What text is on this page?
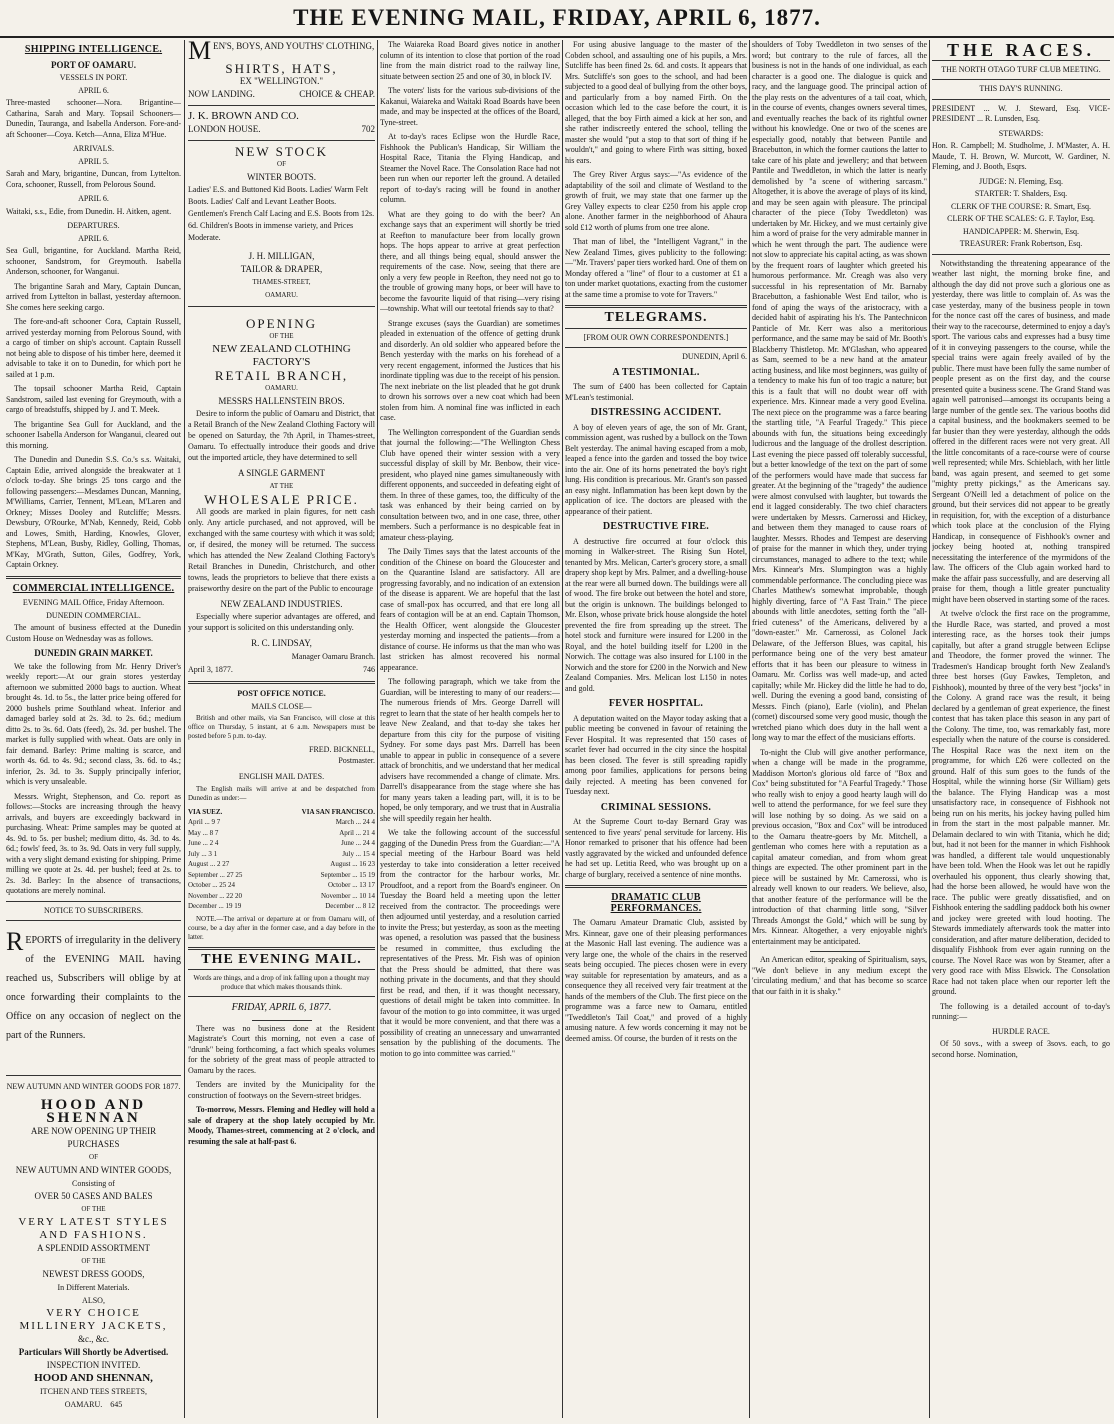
THE EVENING MAIL, FRIDAY, APRIL 6, 1877.
SHIPPING INTELLIGENCE.
PORT OF OAMARU.
VESSELS IN PORT.
APRIL 6.

Three-masted schooner—Nora. Brigantine—Catharina, Sarah and Mary. Topsail Schooners—Dunedin, Tauranga, and Isabella Anderson. Fore-and-aft Schooner—Coya. Ketch—Anna, Eliza M'Hue.

ARRIVALS.
APRIL 5.

Sarah and Mary, brigantine, Duncan, from Lyttelton. Cora, schooner, Russell, from Pelorous Sound.

APRIL 6.

Waitaki, s.s., Edie, from Dunedin. H. Aitken, agent.

DEPARTURES.
APRIL 6.

Sea Gull, brigantine, for Auckland. Martha Reid, schooner, Sandstrom, for Greymouth. Isabella Anderson, schooner, for Wanganui.

The brigantine Sarah and Mary, Captain Duncan, arrived from Lyttelton in ballast, yesterday afternoon. She comes here seeking cargo.

The fore-and-aft schooner Cora, Captain Russell, arrived yesterday morning from Pelorous Sound, with a cargo of timber on ship's account. Captain Russell not being able to dispose of his timber here, deemed it advisable to take it on to Dunedin, for which port he sailed at 1 p.m.

The topsail schooner Martha Reid, Captain Sandstrom, sailed last evening for Greymouth, with a cargo of breadstuffs, shipped by J. and T. Meek.

The brigantine Sea Gull for Auckland, and the schooner Isabella Anderson for Wanganui, cleared out this morning.

The Dunedin and Dunedin S.S. Co.'s s.s. Waitaki, Captain Edie, arrived alongside the breakwater at 1 o'clock to-day. She brings 25 tons cargo and the following passengers:—Mesdames Duncan, Manning, M'Williams, Carrier, Tennent, M'Lean, M'Laren and Orkney; Misses Dooley and Rutcliffe; Messrs. Dewsbury, O'Rourke, M'Nab, Kennedy, Reid, Cobb and Lowes, Smith, Harding, Knowles, Glover, Stephens, M'Lean, Busby, Ridley, Golling, Thomas, M'Kay, M'Grath, Sutton, Giles, Godfrey, York, Captain Orkney.

COMMERCIAL INTELLIGENCE.
EVENING MAIL Office, Friday Afternoon.
DUNEDIN COMMERCIAL.

The amount of business effected at the Dunedin Custom House on Wednesday was as follows.

DUNEDIN GRAIN MARKET.

We take the following from Mr. Henry Driver's weekly report:—At our grain stores yesterday afternoon we submitted 2000 bags to auction. Wheat brought 4s. 1d. to 5s., the latter price being offered for 2000 bushels prime Southland wheat. Inferior and damaged barley sold at 2s. 3d. to 2s. 6d.; medium ditto 2s. to 3s. 6d. Oats (feed), 2s. 3d. per bushel. The market is fully supplied with wheat. Oats are only in fair demand. Barley: Prime malting is scarce, and worth 4s. 6d. to 4s. 9d.; second class, 3s. 6d. to 4s.; inferior, 2s. 3d. to 3s. Supply principally inferior, which is very unsaleable.

Messrs. Wright, Stephenson, and Co. report as follows:—Stocks are increasing through the heavy arrivals, and buyers are exceedingly backward in purchasing. Wheat: Prime samples may be quoted at 4s. 9d. to 5s. per bushel; medium ditto, 4s. 3d. to 4s. 6d.; fowls' feed, 3s. to 3s. 9d. Oats in very full supply, with a very slight demand existing for shipping. Prime milling we quote at 2s. 4d. per bushel; feed at 2s. to 2s. 3d. Barley: In the absence of transactions, quotations are merely nominal.

NOTICE TO SUBSCRIBERS.

REPORTS of irregularity in the delivery of the EVENING MAIL having reached us, Subscribers will oblige by at once forwarding their complaints to the Office on any occasion of neglect on the part of the Runners.

NEW AUTUMN AND WINTER GOODS FOR 1877.
HOOD AND SHENNAN
ARE NOW OPENING UP THEIR PURCHASES
OF
NEW AUTUMN AND WINTER GOODS,
Consisting of
OVER 50 CASES AND BALES
OF THE
VERY LATEST STYLES AND FASHIONS.
A SPLENDID ASSORTMENT
OF THE
NEWEST DRESS GOODS,
In Different Materials.
ALSO,
VERY CHOICE MILLINERY JACKETS,
&c., &c.
Particulars Will Shortly be Advertised.
INSPECTION INVITED.
HOOD AND SHENNAN,
ITCHEN AND TEES STREETS,
OAMARU. 645
MEN'S, BOYS, AND YOUTHS' CLOTHING,
SHIRTS, HATS,
EX "WELLINGTON."
NOW LANDING.	CHOICE & CHEAP.
J. K. BROWN AND CO.
LONDON HOUSE.	702
NEW STOCK
OF
WINTER BOOTS.

Ladies' E.S. and Buttoned Kid Boots. Ladies' Warm Felt Boots. Ladies' Calf and Levant Leather Boots. Gentlemen's French Calf Lacing and E.S. Boots from 12s. 6d. Children's Boots in immense variety, and Prices Moderate.

J. H. MILLIGAN,
TAILOR & DRAPER,
THAMES-STREET,
OAMARU.
OPENING
OF THE
NEW ZEALAND CLOTHING FACTORY'S
RETAIL BRANCH,
OAMARU.
MESSRS HALLENSTEIN BROS.

Desire to inform the public of Oamaru and District, that a Retail Branch of the New Zealand Clothing Factory will be opened on Saturday, the 7th April, in Thames-street, Oamaru. To effectually introduce their goods and drive out the imported article, they have determined to sell

A SINGLE GARMENT
AT THE
WHOLESALE PRICE.

All goods are marked in plain figures, for nett cash only. Any article purchased, and not approved, will be exchanged with the same courtesy with which it was sold; or, if desired, the money will be returned. The success which has attended the New Zealand Clothing Factory's Retail Branches in Dunedin, Christchurch, and other towns, leads the proprietors to believe that there exists a praiseworthy desire on the part of the Public to encourage

NEW ZEALAND INDUSTRIES.

Especially where superior advantages are offered, and your support is solicited on this understanding only.

R. C. LINDSAY,
Manager Oamaru Branch.
April 3, 1877.	746
POST OFFICE NOTICE.
MAILS CLOSE—

British and other mails, via San Francisco, will close at this office on Thursday, 5 instant, at 6 a.m. Newspapers must be posted before 5 p.m. to-day.

FRED. BICKNELL,
Postmaster.
ENGLISH MAIL DATES.

The English mails will arrive at and be despatched from Dunedin as under:—

VIA SUEZ.	VIA SAN FRANCISCO.
April ... 9 7	March ... 24 4
May ... 8 7	April ... 21 4
June ... 2 4	June ... 24 4
July ... 3 1	July ... 15 4
August ... 2 27	August ... 16 23
September ... 27 25	September ... 15 19
October ... 25 24	October ... 13 17
November ... 22 20	November ... 10 14
December ... 19 19	December ... 8 12

NOTE.—The arrival or departure at or from Oamaru will, of course, be a day after in the former case, and a day before in the latter.

THE EVENING MAIL.

Words are things, and a drop of ink falling upon a thought may produce that which makes thousands think.

FRIDAY, APRIL 6, 1877.

There was no business done at the Resident Magistrate's Court this morning, not even a case of "drunk" being forthcoming, a fact which speaks volumes for the sobriety of the great mass of people attracted to Oamaru by the races.

Tenders are invited by the Municipality for the construction of footways on the Severn-street bridges.

To-morrow, Messrs. Fleming and Hedley will hold a sale of drapery at the shop lately occupied by Mr. Moody, Thames-street, commencing at 2 o'clock, and resuming the sale at half-past 6.

The Waiareka Road Board gives notice in another column of its intention to close that portion of the road line from the main district road to the railway line, situate between section 25 and one of 30, in block IV.

The voters' lists for the various sub-divisions of the Kakanui, Waiareka and Waitaki Road Boards have been made, and may be inspected at the offices of the Board, Tyne-street.

At to-day's races Eclipse won the Hurdle Race, Fishhook the Publican's Handicap, Sir William the Hospital Race, Titania the Flying Handicap, and Steamer the Novel Race. The Consolation Race had not been run when our reporter left the ground. A detailed report of to-day's racing will be found in another column.

What are they going to do with the beer? An exchange says that an experiment will shortly be tried at Reefton to manufacture beer from locally grown hops. The hops appear to arrive at great perfection there, and all things being equal, should answer the requirements of the case. Now, seeing that there are only a very few people in Reefton, they need not go to the trouble of growing many hops, or beer will have to become the favourite liquid of that rising—very rising—township. What will our teetotal friends say to that?

Strange excuses (says the Guardian) are sometimes pleaded in extenuation of the offence of getting drunk and disorderly. An old soldier who appeared before the Bench yesterday with the marks on his forehead of a very recent engagement, informed the Justices that his inordinate tippling was due to the receipt of his pension. The next inebriate on the list pleaded that he got drunk to drown his sorrows over a new coat which had been stolen from him. A nominal fine was inflicted in each case.

The Wellington correspondent of the Guardian sends that journal the following:—"The Wellington Chess Club have opened their winter session with a very successful display of skill by Mr. Benbow, their vice-president, who played nine games simultaneously with different opponents, and succeeded in defeating eight of them. In three of these games, too, the difficulty of the task was enhanced by their being carried on by consultation between two, and in one case, three, other members. Such a performance is no despicable feat in amateur chess-playing.

The Daily Times says that the latest accounts of the condition of the Chinese on board the Gloucester and on the Quarantine Island are satisfactory. All are progressing favorably, and no indication of an extension of the disease is apparent. We are hopeful that the last case of small-pox has occurred, and that ere long all fears of contagion will be at an end. Captain Thomson, the Health Officer, went alongside the Gloucester yesterday morning and inspected the patients—from a distance of course. He informs us that the man who was last stricken has almost recovered his normal appearance.

The following paragraph, which we take from the Guardian, will be interesting to many of our readers:—The numerous friends of Mrs. George Darrell will regret to learn that the state of her health compels her to leave New Zealand, and that to-day she takes her departure from this city for the purpose of visiting Sydney. For some days past Mrs. Darrell has been unable to appear in public in consequence of a severe attack of bronchitis, and we understand that her medical advisers have recommended a change of climate. Mrs. Darrell's disappearance from the stage where she has for many years taken a leading part, will, it is to be hoped, be only temporary, and we trust that in Australia she will speedily regain her health.

We take the following account of the successful gagging of the Dunedin Press from the Guardian:—"A special meeting of the Harbour Board was held yesterday to take into consideration a letter received from the contractor for the harbour works, Mr. Proudfoot, and a report from the Board's engineer. On Tuesday the Board held a meeting upon the letter received from the contractor. The proceedings were then adjourned until yesterday, and a resolution carried to invite the Press; but yesterday, as soon as the meeting was opened, a resolution was passed that the business be resumed in committee, thus excluding the representatives of the Press. Mr. Fish was of opinion that the Press should be admitted, that there was nothing private in the documents, and that they should first be read, and then, if it was thought necessary, questions of detail might be taken into committee. In favour of the motion to go into committee, it was urged that it would be more convenient, and that there was a possibility of creating an unnecessary and unwarranted sensation by the publishing of the documents. The motion to go into committee was carried."

For using abusive language to the master of the Cobden school, and assaulting one of his pupils, a Mrs. Sutcliffe has been fined 2s. 6d. and costs. It appears that Mrs. Sutcliffe's son goes to the school, and had been subjected to a good deal of bullying from the other boys, and particularly from a boy named Firth. On the occasion which led to the case before the court, it is alleged, that the boy Firth aimed a kick at her son, and she rather indiscreetly entered the school, telling the master she would "put a stop to that sort of thing if he wouldn't," and going to where Firth was sitting, boxed his ears.

The Grey River Argus says:—"As evidence of the adaptability of the soil and climate of Westland to the growth of fruit, we may state that one farmer up the Grey Valley expects to clear £250 from his apple crop alone. Another farmer in the neighborhood of Ahaura sold £12 worth of plums from one tree alone.

That man of libel, the "Intelligent Vagrant," in the New Zealand Times, gives publicity to the following:—"Mr. Travers' paper tiers worked hard. One of them on Monday offered a "line" of flour to a customer at £1 a ton under market quotations, exacting from the customer at the same time a promise to vote for Travers."

TELEGRAMS.
[FROM OUR OWN CORRESPONDENTS.]
DUNEDIN, April 6.
A TESTIMONIAL.

The sum of £400 has been collected for Captain M'Lean's testimonial.

DISTRESSING ACCIDENT.

A boy of eleven years of age, the son of Mr. Grant, commission agent, was rushed by a bullock on the Town Belt yesterday. The animal having escaped from a mob, leaped a fence into the garden and tossed the boy twice into the air. One of its horns penetrated the boy's right lung. His condition is precarious. Mr. Grant's son passed an easy night. Inflammation has been kept down by the application of ice. The doctors are pleased with the appearance of their patient.

DESTRUCTIVE FIRE.

A destructive fire occurred at four o'clock this morning in Walker-street. The Rising Sun Hotel, tenanted by Mrs. Melican, Carter's grocery store, a small drapery shop kept by Mrs. Palmer, and a dwelling-house at the rear were all burned down. The buildings were all of wood. The fire broke out between the hotel and store, but the origin is unknown. The buildings belonged to Mr. Elson, whose private brick house alongside the hotel prevented the fire from spreading up the street. The hotel stock and furniture were insured for L200 in the Royal, and the hotel building itself for L200 in the Norwich. The cottage was also insured for L100 in the Norwich and the store for £200 in the Norwich and New Zealand Companies. Mrs. Melican lost L150 in notes and gold.

FEVER HOSPITAL.

A deputation waited on the Mayor today asking that a public meeting be convened in favour of retaining the Fever Hospital. It was represented that 150 cases of scarlet fever had occurred in the city since the hospital has been closed. The fever is still spreading rapidly among poor families, applications for persons being daily rejected. A meeting has been convened for Tuesday next.

CRIMINAL SESSIONS.

At the Supreme Court to-day Bernard Gray was sentenced to five years' penal servitude for larceny. His Honor remarked to prisoner that his offence had been vastly aggravated by the wicked and unfounded defence he had set up. Letitia Reed, who was brought up on a charge of burglary, received a sentence of nine months.

DRAMATIC CLUB PERFORMANCES.

The Oamaru Amateur Dramatic Club, assisted by Mrs. Kinnear, gave one of their pleasing performances at the Masonic Hall last evening. The audience was a very large one, the whole of the chairs in the reserved seats being occupied. The pieces chosen were in every way suitable for representation by amateurs, and as a consequence they all received very fair treatment at the hands of the members of the Club. The first piece on the programme was a farce new to Oamaru, entitled "Tweddleton's Tail Coat," and proved of a highly amusing nature. A few words concerning it may not be deemed amiss. Of course, the burden of it rests on the

shoulders of Toby Tweddleton in two senses of the word; but contrary to the rule of farces, all the business is not in the hands of one individual, as each character is a good one. The dialogue is quick and racy, and the language good. The principal action of the play rests on the adventures of a tail coat, which, in the course of events, changes owners several times, and eventually reaches the back of its rightful owner without his knowledge. One or two of the scenes are especially good, notably that between Pantile and Bracebutton, in which the former cautions the latter to take care of his plate and jewellery; and that between Pantile and Tweddleton, in which the latter is nearly demolished by "a scene of withering sarcasm." Altogether, it is above the average of plays of its kind, and may be seen again with pleasure. The principal character of the piece (Toby Tweddleton) was undertaken by Mr. Hickey, and we must certainly give him a word of praise for the very admirable manner in which he went through the part. The audience were not slow to appreciate his capital acting, as was shown by the frequent roars of laughter which greeted his humorous performance. Mr. Creagh was also very successful in his representation of Mr. Barnaby Bracebutton, a fashionable West End tailor, who is fond of aping the ways of the aristocracy, with a decided habit of aspirating his h's. The Pantechnicon Panticle of Mr. Kerr was also a meritorious performance, and the same may be said of Mr. Booth's Blackberry Thistletop. Mr. M'Glashan, who appeared as Sam, seemed to be a new hand at the amateur acting business, and like most beginners, was guilty of a tendency to make his fun of too tragic a nature; but this is a fault that will no doubt wear off with experience. Mrs. Kinnear made a very good Evelina. The next piece on the programme was a farce bearing the startling title, "A Fearful Tragedy." This piece abounds with fun, the situations being exceedingly ludicrous and the language of the drollest description. Last evening the piece passed off tolerably successful, but a better knowledge of the text on the part of some of the performers would have made that success far greater. At the beginning of the "tragedy" the audience were almost convulsed with laughter, but towards the end it lagged considerably. The two chief characters were undertaken by Messrs. Carnerossi and Hickey, and between them they managed to cause roars of laughter. Messrs. Rhodes and Tempest are deserving of praise for the manner in which they, under trying circumstances, managed to adhere to the text; while Mrs. Kinnear's Mrs. Slumpington was a highly commendable performance. The concluding piece was Charles Matthew's somewhat improbable, though highly diverting, farce of "A Fast Train." The piece abounds with little anecdotes, setting forth the "all-fried cuteness" of the Americans, delivered by a "down-easter." Mr. Carnerossi, as Colonel Jack Delaware, of the Jefferson Blues, was capital, his performance being one of the very best amateur efforts that it has been our pleasure to witness in Oamaru. Mr. Corliss was well made-up, and acted capitally; while Mr. Hickey did the little he had to do, well. During the evening a good band, consisting of Messrs. Finch (piano), Earle (violin), and Phelan (cornet) discoursed some very good music, though the wretched piano which does duty in the hall went a long way to mar the effect of the musicians efforts.

To-night the Club will give another performance, when a change will be made in the programme, Maddison Morton's glorious old farce of "Box and Cox" being substituted for "A Fearful Tragedy." Those who really wish to enjoy a good hearty laugh will do well to attend the performance, for we feel sure they will lose nothing by so doing. As we said on a previous occasion, "Box and Cox" will be introduced to the Oamaru theatre-goers by Mr. Mitchell, a gentleman who comes here with a reputation as a capital amateur comedian, and from whom great things are expected. The other prominent part in the piece will be sustained by Mr. Carnerossi, who is already well known to our readers. We believe, also, that another feature of the performance will be the introduction of that charming little song, "Silver Threads Amongst the Gold," which will be sung by Mrs. Kinnear. Altogether, a very enjoyable night's entertainment may be anticipated.

An American editor, speaking of Spiritualism, says, "We don't believe in any medium except the 'circulating medium,' and that has become so scarce that our faith in it is shaky."

THE RACES.
THE NORTH OTAGO TURF CLUB MEETING.
THIS DAY'S RUNNING.

PRESIDENT ... W. J. Steward, Esq. VICE-PRESIDENT ... R. Lunsden, Esq.

STEWARDS:

Hon. R. Campbell; M. Studholme, J. M'Master, A. H. Maude, T. H. Brown, W. Murcott, W. Gardiner, N. Fleming, and J. Booth, Esqrs.

JUDGE: N. Fleming, Esq.
STARTER: T. Shalders, Esq.
CLERK OF THE COURSE: R. Smart, Esq.
CLERK OF THE SCALES: G. F. Taylor, Esq.
HANDICAPPER: M. Sherwin, Esq.
TREASURER: Frank Robertson, Esq.

Notwithstanding the threatening appearance of the weather last night, the morning broke fine, and although the day did not prove such a glorious one as yesterday, there was little to complain of. As was the case yesterday, many of the business people in town for the nonce cast off the cares of business, and made their way to the racecourse, determined to enjoy a day's sport. The various cabs and expresses had a busy time of it in conveying passengers to the course, while the special trains were again freely availed of by the public. There must have been fully the same number of people present as on the first day, and the course presented quite a business scene. The Grand Stand was again well patronised—amongst its occupants being a large number of the gentle sex. The various booths did a capital business, and the bookmakers seemed to be far busier than they were yesterday, although the odds offered in the different races were not very great. All the little concomitants of a race-course were of course well represented; while Mrs. Schieblach, with her little band, was again present, and seemed to get some "mighty pretty pickings," as the Americans say. Sergeant O'Neill led a detachment of police on the ground, but their services did not appear to be greatly in requisition, for, with the exception of a disturbance which took place at the conclusion of the Flying Handicap, in consequence of Fishhook's owner and jockey being hooted at, nothing transpired necessitating the interference of the myrmidons of the law. The officers of the Club again worked hard to make the affair pass successfully, and are deserving all praise for them, though a little greater punctuality might have been observed in starting some of the races.

At twelve o'clock the first race on the programme, the Hurdle Race, was started, and proved a most interesting race, as the horses took their jumps capitally, but after a grand struggle between Eclipse and Theodore, the former proved the winner. The Tradesmen's Handicap brought forth New Zealand's three best horses (Guy Fawkes, Templeton, and Fishhook), mounted by three of the very best "jocks" in the Colony. A grand race was the result, it being declared by a gentleman of great experience, the finest contest that has taken place this season in any part of the Colony. The time, too, was remarkably fast, more especially when the nature of the course is considered. The Hospital Race was the next item on the programme, for which £26 were collected on the ground. Half of this sum goes to the funds of the Hospital, while the winning horse (Sir William) gets the balance. The Flying Handicap was a most unsatisfactory race, in consequence of Fishhook not being run on his merits, his jockey having pulled him in from the start in the most palpable manner. Mr. Delamain declared to win with Titania, which he did; but, had it not been for the manner in which Fishhook was handled, a different tale would unquestionably have been told. When the Hook was let out he rapidly overhauled his opponent, thus clearly showing that, had the horse been allowed, he would have won the race. The public were greatly dissatisfied, and on Fishhook entering the saddling paddock both his owner and jockey were greeted with loud hooting. The Stewards immediately afterwards took the matter into consideration, and after mature deliberation, decided to disqualify Fishhook from ever again running on the course. The Novel Race was won by Steamer, after a very good race with Miss Elswick. The Consolation Race had not taken place when our reporter left the ground.

The following is a detailed account of to-day's running:—

HURDLE RACE.

Of 50 sovs., with a sweep of 3sovs. each, to go second horse. Nomination,
